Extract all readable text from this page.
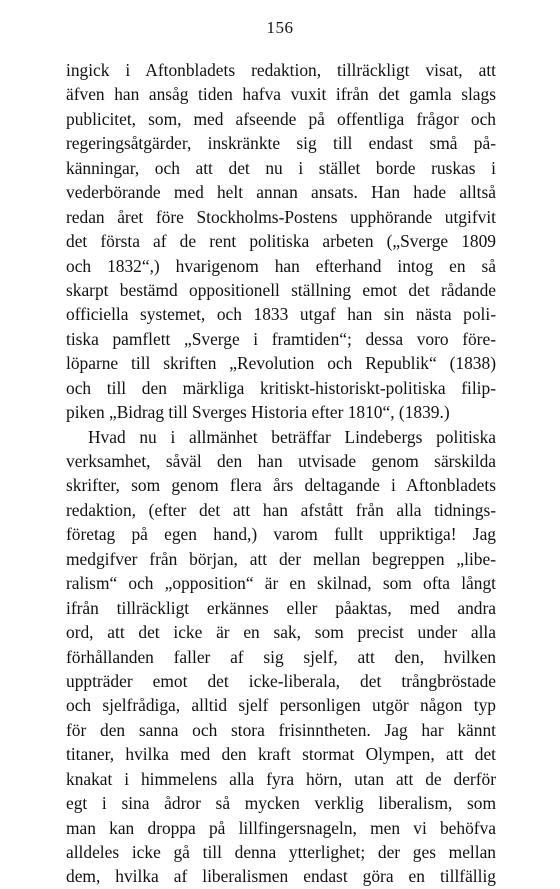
156
ingick i Aftonbladets redaktion, tillräckligt visat, att
äfven han ansåg tiden hafva vuxit ifrån det gamla slags
publicitet, som, med afseende på offentliga frågor och
regeringsåtgärder, inskränkte sig till endast små på-
känningar, och att det nu i stället borde ruskas i
vederbörande med helt annan ansats. Han hade alltså
redan året före Stockholms-Postens upphörande utgifvit
det första af de rent politiska arbeten („Sverge 1809
och 1832“,) hvarigenom han efterhand intog en så
skarpt bestämd oppositionell ställning emot det rådande
officiella systemet, och 1833 utgaf han sin nästa poli-
tiska pamflett „Sverge i framtiden“; dessa voro före-
löparne till skriften „Revolution och Republik“ (1838)
och till den märkliga kritiskt-historiskt-politiska filip-
piken „Bidrag till Sverges Historia efter 1810“, (1839.)
Hvad nu i allmänhet beträffar Lindebergs politiska
verksamhet, såväl den han utvisade genom särskilda
skrifter, som genom flera års deltagande i Aftonbladets
redaktion, (efter det att han afstått från alla tidnings-
företag på egen hand,) varom fullt uppriktiga! Jag
medgifver från början, att der mellan begreppen „libe-
ralism“ och „opposition“ är en skilnad, som ofta långt
ifrån tillräckligt erkännes eller påaktas, med andra
ord, att det icke är en sak, som precist under alla
förhållanden faller af sig sjelf, att den, hvilken
uppträder emot det icke-liberala, det trångbröstade
och sjelfrådiga, alltid sjelf personligen utgör någon typ
för den sanna och stora frisinntheten. Jag har kännt
titaner, hvilka med den kraft stormat Olympen, att det
knakat i himmelens alla fyra hörn, utan att de derför
egt i sina ådror så mycken verklig liberalism, som
man kan droppa på lillfingersnageln, men vi behöfva
alldeles icke gå till denna ytterlighet; der ges mellan
dem, hvilka af liberalismen endast göra en tillfällig
